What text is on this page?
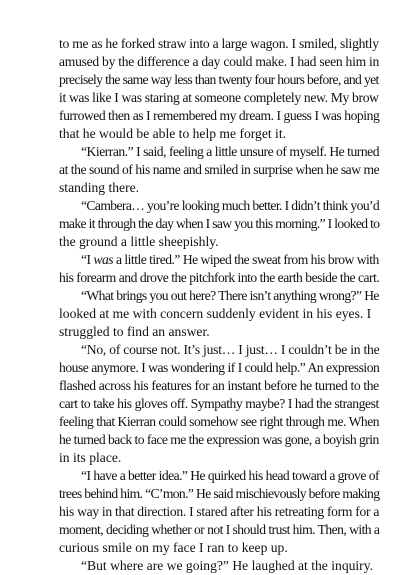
to me as he forked straw into a large wagon. I smiled, slightly
amused by the difference a day could make. I had seen him in
precisely the same way less than twenty four hours before, and yet
it was like I was staring at someone completely new. My brow
furrowed then as I remembered my dream. I guess I was hoping
that he would be able to help me forget it.
“Kierran.” I said, feeling a little unsure of myself. He turned
at the sound of his name and smiled in surprise when he saw me
standing there.
“Cambera… you’re looking much better. I didn’t think you’d
make it through the day when I saw you this morning.” I looked to
the ground a little sheepishly.
“I was a little tired.” He wiped the sweat from his brow with
his forearm and drove the pitchfork into the earth beside the cart.
“What brings you out here? There isn’t anything wrong?” He
looked at me with concern suddenly evident in his eyes. I
struggled to find an answer.
“No, of course not. It’s just… I just… I couldn’t be in the
house anymore. I was wondering if I could help.” An expression
flashed across his features for an instant before he turned to the
cart to take his gloves off. Sympathy maybe? I had the strangest
feeling that Kierran could somehow see right through me. When
he turned back to face me the expression was gone, a boyish grin
in its place.
“I have a better idea.” He quirked his head toward a grove of
trees behind him. “C’mon.” He said mischievously before making
his way in that direction. I stared after his retreating form for a
moment, deciding whether or not I should trust him. Then, with a
curious smile on my face I ran to keep up.
“But where are we going?” He laughed at the inquiry.
